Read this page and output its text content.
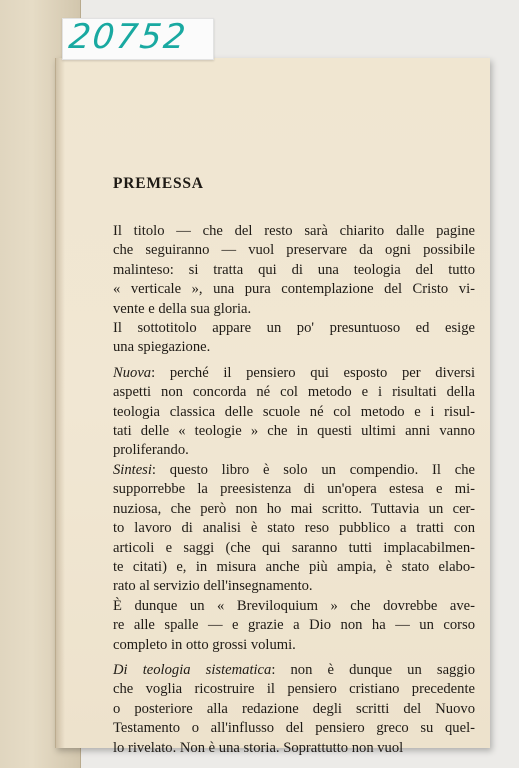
20752
PREMESSA
Il titolo — che del resto sarà chiarito dalle pagine
che seguiranno — vuol preservare da ogni possibile
malinteso: si tratta qui di una teologia del tutto
« verticale », una pura contemplazione del Cristo vi-
vente e della sua gloria.
Il sottotitolo appare un po' presuntuoso ed esige
una spiegazione.
Nuova: perché il pensiero qui esposto per diversi
aspetti non concorda né col metodo e i risultati della
teologia classica delle scuole né col metodo e i risul-
tati delle « teologie » che in questi ultimi anni vanno
proliferando.
Sintesi: questo libro è solo un compendio. Il che
supporrebbe la preesistenza di un'opera estesa e mi-
nuziosa, che però non ho mai scritto. Tuttavia un cer-
to lavoro di analisi è stato reso pubblico a tratti con
articoli e saggi (che qui saranno tutti implacabilmen-
te citati) e, in misura anche più ampia, è stato elabo-
rato al servizio dell'insegnamento.
È dunque un « Breviloquium » che dovrebbe ave-
re alle spalle — e grazie a Dio non ha — un corso
completo in otto grossi volumi.
Di teologia sistematica: non è dunque un saggio
che voglia ricostruire il pensiero cristiano precedente
o posteriore alla redazione degli scritti del Nuovo
Testamento o all'influsso del pensiero greco su quel-
lo rivelato. Non è una storia. Soprattutto non vuol
